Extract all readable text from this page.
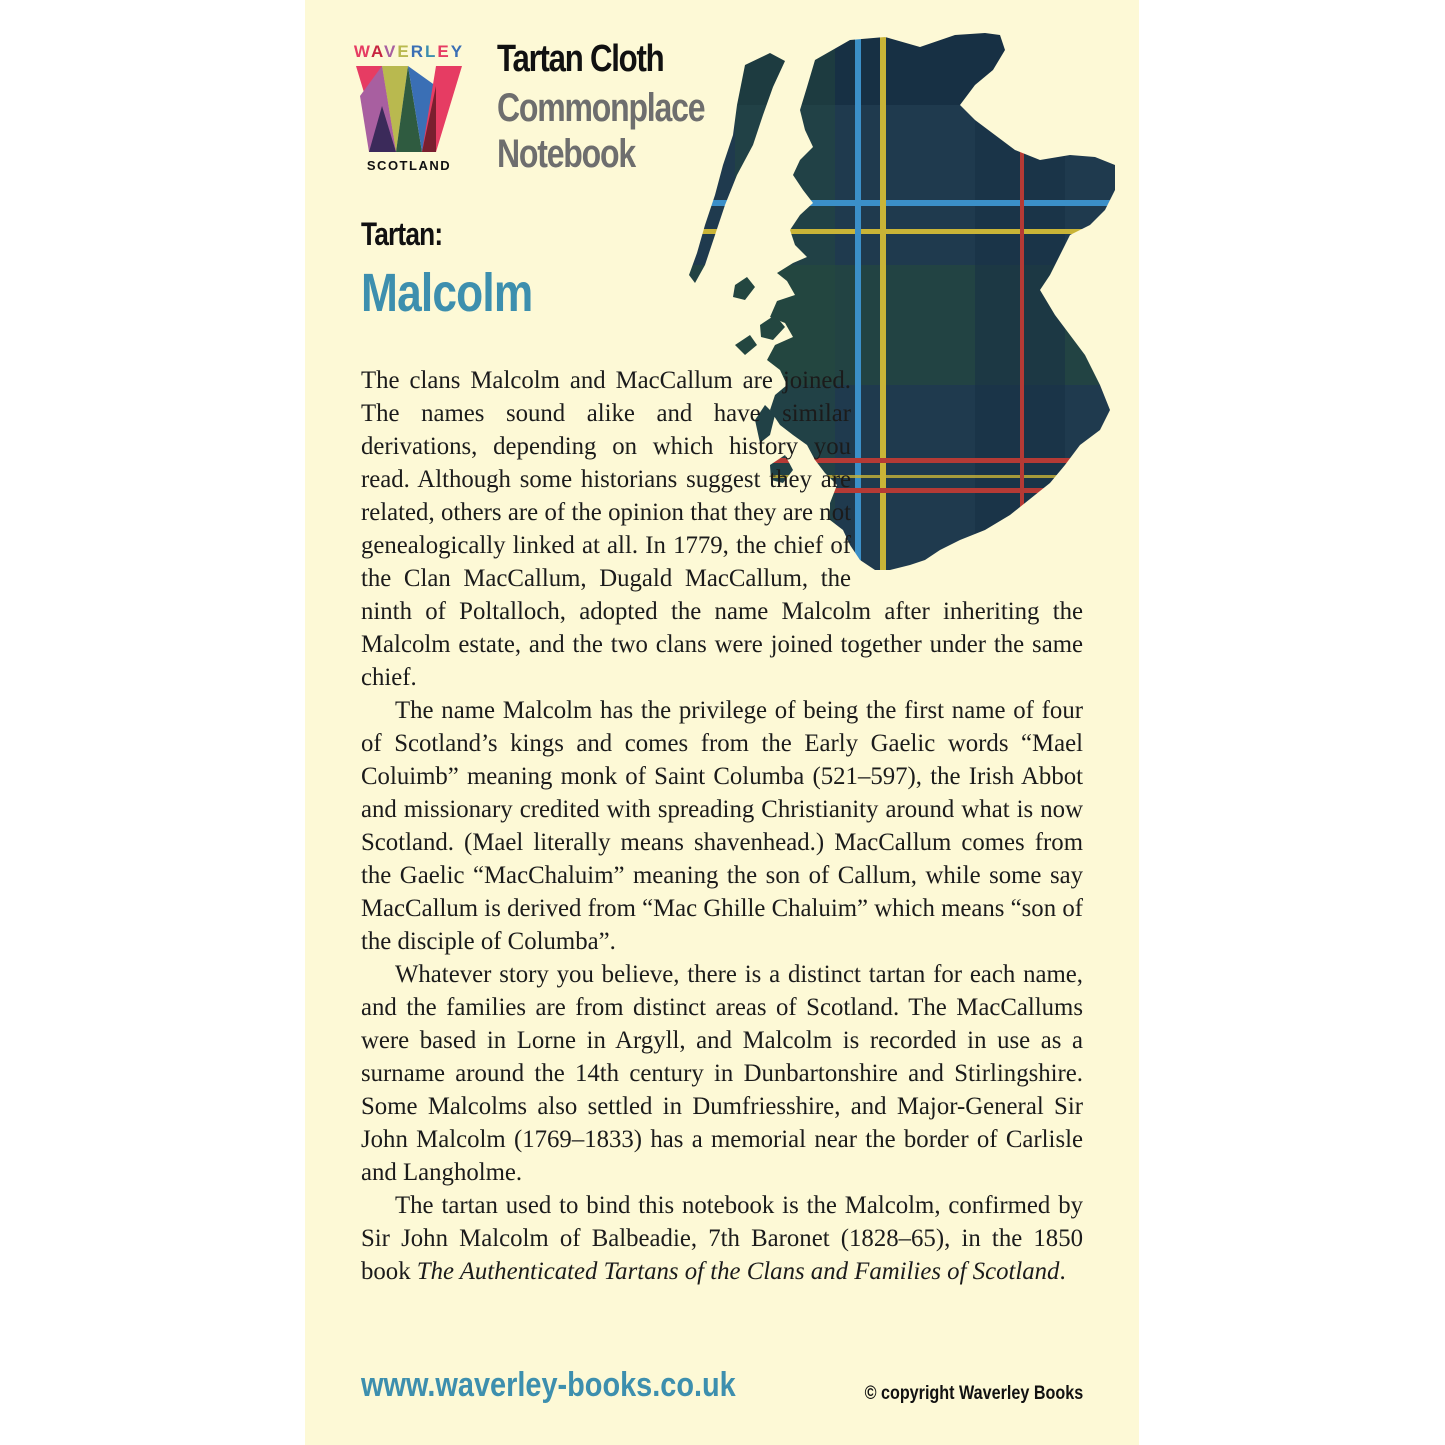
WAVERLEY
SCOTLAND
Tartan Cloth
Commonplace
Notebook
Tartan:
Malcolm

The clans Malcolm and MacCallum are joined. The names sound alike and have similar derivations, depending on which history you read. Although some historians suggest they are related, others are of the opinion that they are not genealogically linked at all. In 1779, the chief of the Clan MacCallum, Dugald MacCallum, the ninth of Poltalloch, adopted the name Malcolm after inheriting the Malcolm estate, and the two clans were joined together under the same chief.

The name Malcolm has the privilege of being the first name of four of Scotland’s kings and comes from the Early Gaelic words “Mael Coluimb” meaning monk of Saint Columba (521–597), the Irish Abbot and missionary credited with spreading Christianity around what is now Scotland. (Mael literally means shavenhead.) MacCallum comes from the Gaelic “MacChaluim” meaning the son of Callum, while some say MacCallum is derived from “Mac Ghille Chaluim” which means “son of the disciple of Columba”.

Whatever story you believe, there is a distinct tartan for each name, and the families are from distinct areas of Scotland. The MacCallums were based in Lorne in Argyll, and Malcolm is recorded in use as a surname around the 14th century in Dunbartonshire and Stirlingshire. Some Malcolms also settled in Dumfriesshire, and Major-General Sir John Malcolm (1769–1833) has a memorial near the border of Carlisle and Langholme.

The tartan used to bind this notebook is the Malcolm, confirmed by Sir John Malcolm of Balbeadie, 7th Baronet (1828–65), in the 1850 book The Authenticated Tartans of the Clans and Families of Scotland.

www.waverley-books.co.uk	© copyright Waverley Books
